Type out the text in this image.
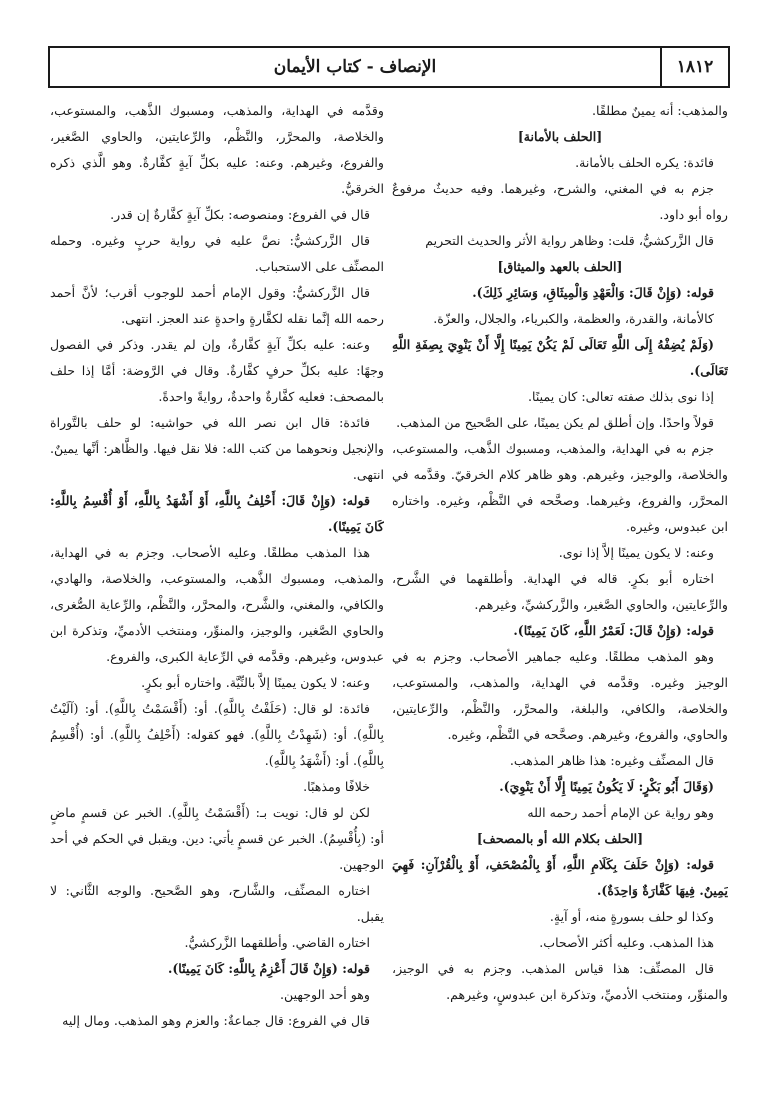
١٨١٢
الإنصاف - كتاب الأيمان

والمذهب: أنه يمينٌ مطلقًا.

[الحلف بالأمانة]

فائدة: يكره الحلف بالأمانة.

جزم به في المغني، والشرح، وغيرهما. وفيه حديثٌ مرفوعٌ رواه أبو داود.

قال الزَّركشيُّ، قلت: وظاهر رواية الأثر والحديث التحريم

[الحلف بالعهد والميثاق]

قوله: (وَإِنْ قَالَ: وَالْعَهْدِ وَالْمِيثَاقِ، وَسَائِرِ ذَلِكَ).

كالأمانة، والقدرة، والعظمة، والكبرياء، والجلال، والعزّة.

(وَلَمْ يُضِفْهُ إِلَى اللَّهِ تَعَالَى لَمْ يَكُنْ يَمِينًا إِلَّا أَنْ يَنْوِيَ بِصِفَةِ اللَّهِ تَعَالَى).

إذا نوى بذلك صفته تعالى: كان يمينًا.

قولاً واحدًا. وإن أطلق لم يكن يمينًا، على الصَّحيح من المذهب.

جزم به في الهداية، والمذهب، ومسبوك الذَّهب، والمستوعب، والخلاصة، والوجيز، وغيرهم. وهو ظاهر كلام الخرقيّ. وقدَّمه في المحرَّر، والفروع، وغيرهما. وصحَّحه في النَّظْم، وغيره. واختاره ابن عبدوس، وغيره.

وعنه: لا يكون يمينًا إلاَّ إذا نوى.

اختاره أبو بكرٍ. قاله في الهداية. وأطلقهما في الشَّرح، والرِّعايتين، والحاوي الصَّغير، والزَّركشيِّ، وغيرهم.

قوله: (وَإِنْ قَالَ: لَعَمْرُ اللَّهِ، كَانَ يَمِينًا).

وهو المذهب مطلقًا. وعليه جماهير الأصحاب. وجزم به في الوجيز وغيره. وقدَّمه في الهداية، والمذهب، والمستوعب، والخلاصة، والكافي، والبلغة، والمحرَّر، والنَّظْم، والرِّعايتين، والحاوي، والفروع، وغيرهم. وصحَّحه في النَّظْم، وغيره.

قال المصنِّف وغيره: هذا ظاهر المذهب.

(وَقَالَ أَبُو بَكْرٍ: لَا يَكُونُ يَمِينًا إِلَّا أَنْ يَنْوِيَ).

وهو رواية عن الإمام أحمد رحمه الله

[الحلف بكلام الله أو بالمصحف]

قوله: (وَإِنْ حَلَفَ بِكَلَامِ اللَّهِ، أَوْ بِالْمُصْحَفِ، أَوْ بِالْقُرْآنِ: فَهِيَ يَمِينٌ. فِيهَا كَفَّارَةٌ وَاحِدَةٌ).

وكذا لو حلف بسورةٍ منه، أو آيةٍ.

هذا المذهب. وعليه أكثر الأصحاب.

قال المصنِّف: هذا قياس المذهب. وجزم به في الوجيز، والمنوِّر، ومنتخب الأدميِّ، وتذكرة ابن عبدوسٍ، وغيرهم.

وقدَّمه في الهداية، والمذهب، ومسبوك الذَّهب، والمستوعب، والخلاصة، والمحرَّر، والنَّظْم، والرِّعايتين، والحاوي الصَّغير، والفروع، وغيرهم. وعنه: عليه بكلِّ آيةٍ كفَّارةٌ. وهو الَّذي ذكره الخرقيُّ.

قال في الفروع: ومنصوصه: بكلِّ آيةٍ كفَّارةٌ إن قدر.

قال الزَّركشيُّ: نصَّ عليه في رواية حربٍ وغيره. وحمله المصنِّف على الاستحباب.

قال الزَّركشيُّ: وقول الإمام أحمد للوجوب أقرب؛ لأنَّ أحمد رحمه الله إنَّما نقله لكفَّارةٍ واحدةٍ عند العجز. انتهى.

وعنه: عليه بكلِّ آيةٍ كفَّارةٌ، وإن لم يقدر. وذكر في الفصول وجهًا: عليه بكلِّ حرفٍ كفَّارةٌ. وقال في الرَّوضة: أمَّا إذا حلف بالمصحف: فعليه كفَّارةٌ واحدةٌ، روايةً واحدةً.

فائدة: قال ابن نصر الله في حواشيه: لو حلف بالتَّوراة والإنجيل ونحوهما من كتب الله: فلا نقل فيها. والظَّاهر: أنَّها يمينٌ. انتهى.

قوله: (وَإِنْ قَالَ: أَحْلِفُ بِاللَّهِ، أَوْ أَشْهَدُ بِاللَّهِ، أَوْ أُقْسِمُ بِاللَّهِ: كَانَ يَمِينًا).

هذا المذهب مطلقًا. وعليه الأصحاب. وجزم به في الهداية، والمذهب، ومسبوك الذَّهب، والمستوعب، والخلاصة، والهادي، والكافي، والمغني، والشَّرح، والمحرَّر، والنَّظْم، والرِّعاية الصُّغرى، والحاوي الصَّغير، والوجيز، والمنوِّر، ومنتخب الأدميِّ، وتذكرة ابن عبدوس، وغيرهم. وقدَّمه في الرِّعاية الكبرى، والفروع.

وعنه: لا يكون يمينًا إلاَّ بالنِّيَّة. واختاره أبو بكرٍ.

فائدة: لو قال: (حَلَفْتُ بِاللَّهِ). أو: (أَقْسَمْتُ بِاللَّهِ). أو: (آلَيْتُ بِاللَّهِ). أو: (شَهِدْتُ بِاللَّهِ). فهو كقوله: (أَحْلِفُ بِاللَّهِ). أو: (أُقْسِمُ بِاللَّهِ). أو: (أَشْهَدُ بِاللَّهِ).

خلافًا ومذهبًا.

لكن لو قال: نويت بـ: (أَقْسَمْتُ بِاللَّهِ). الخبر عن قسمٍ ماضٍ أو: (بِأُقْسِمُ). الخبر عن قسمٍ يأتي: دين. ويقبل في الحكم في أحد الوجهين.

اختاره المصنِّف، والشَّارح، وهو الصَّحيح. والوجه الثَّاني: لا يقبل.

اختاره القاضي. وأطلقهما الزَّركشيُّ.

قوله: (وَإِنْ قَالَ أَعْزِمُ بِاللَّهِ: كَانَ يَمِينًا).

وهو أحد الوجهين.

قال في الفروع: قال جماعةٌ: والعزم وهو المذهب. ومال إليه
